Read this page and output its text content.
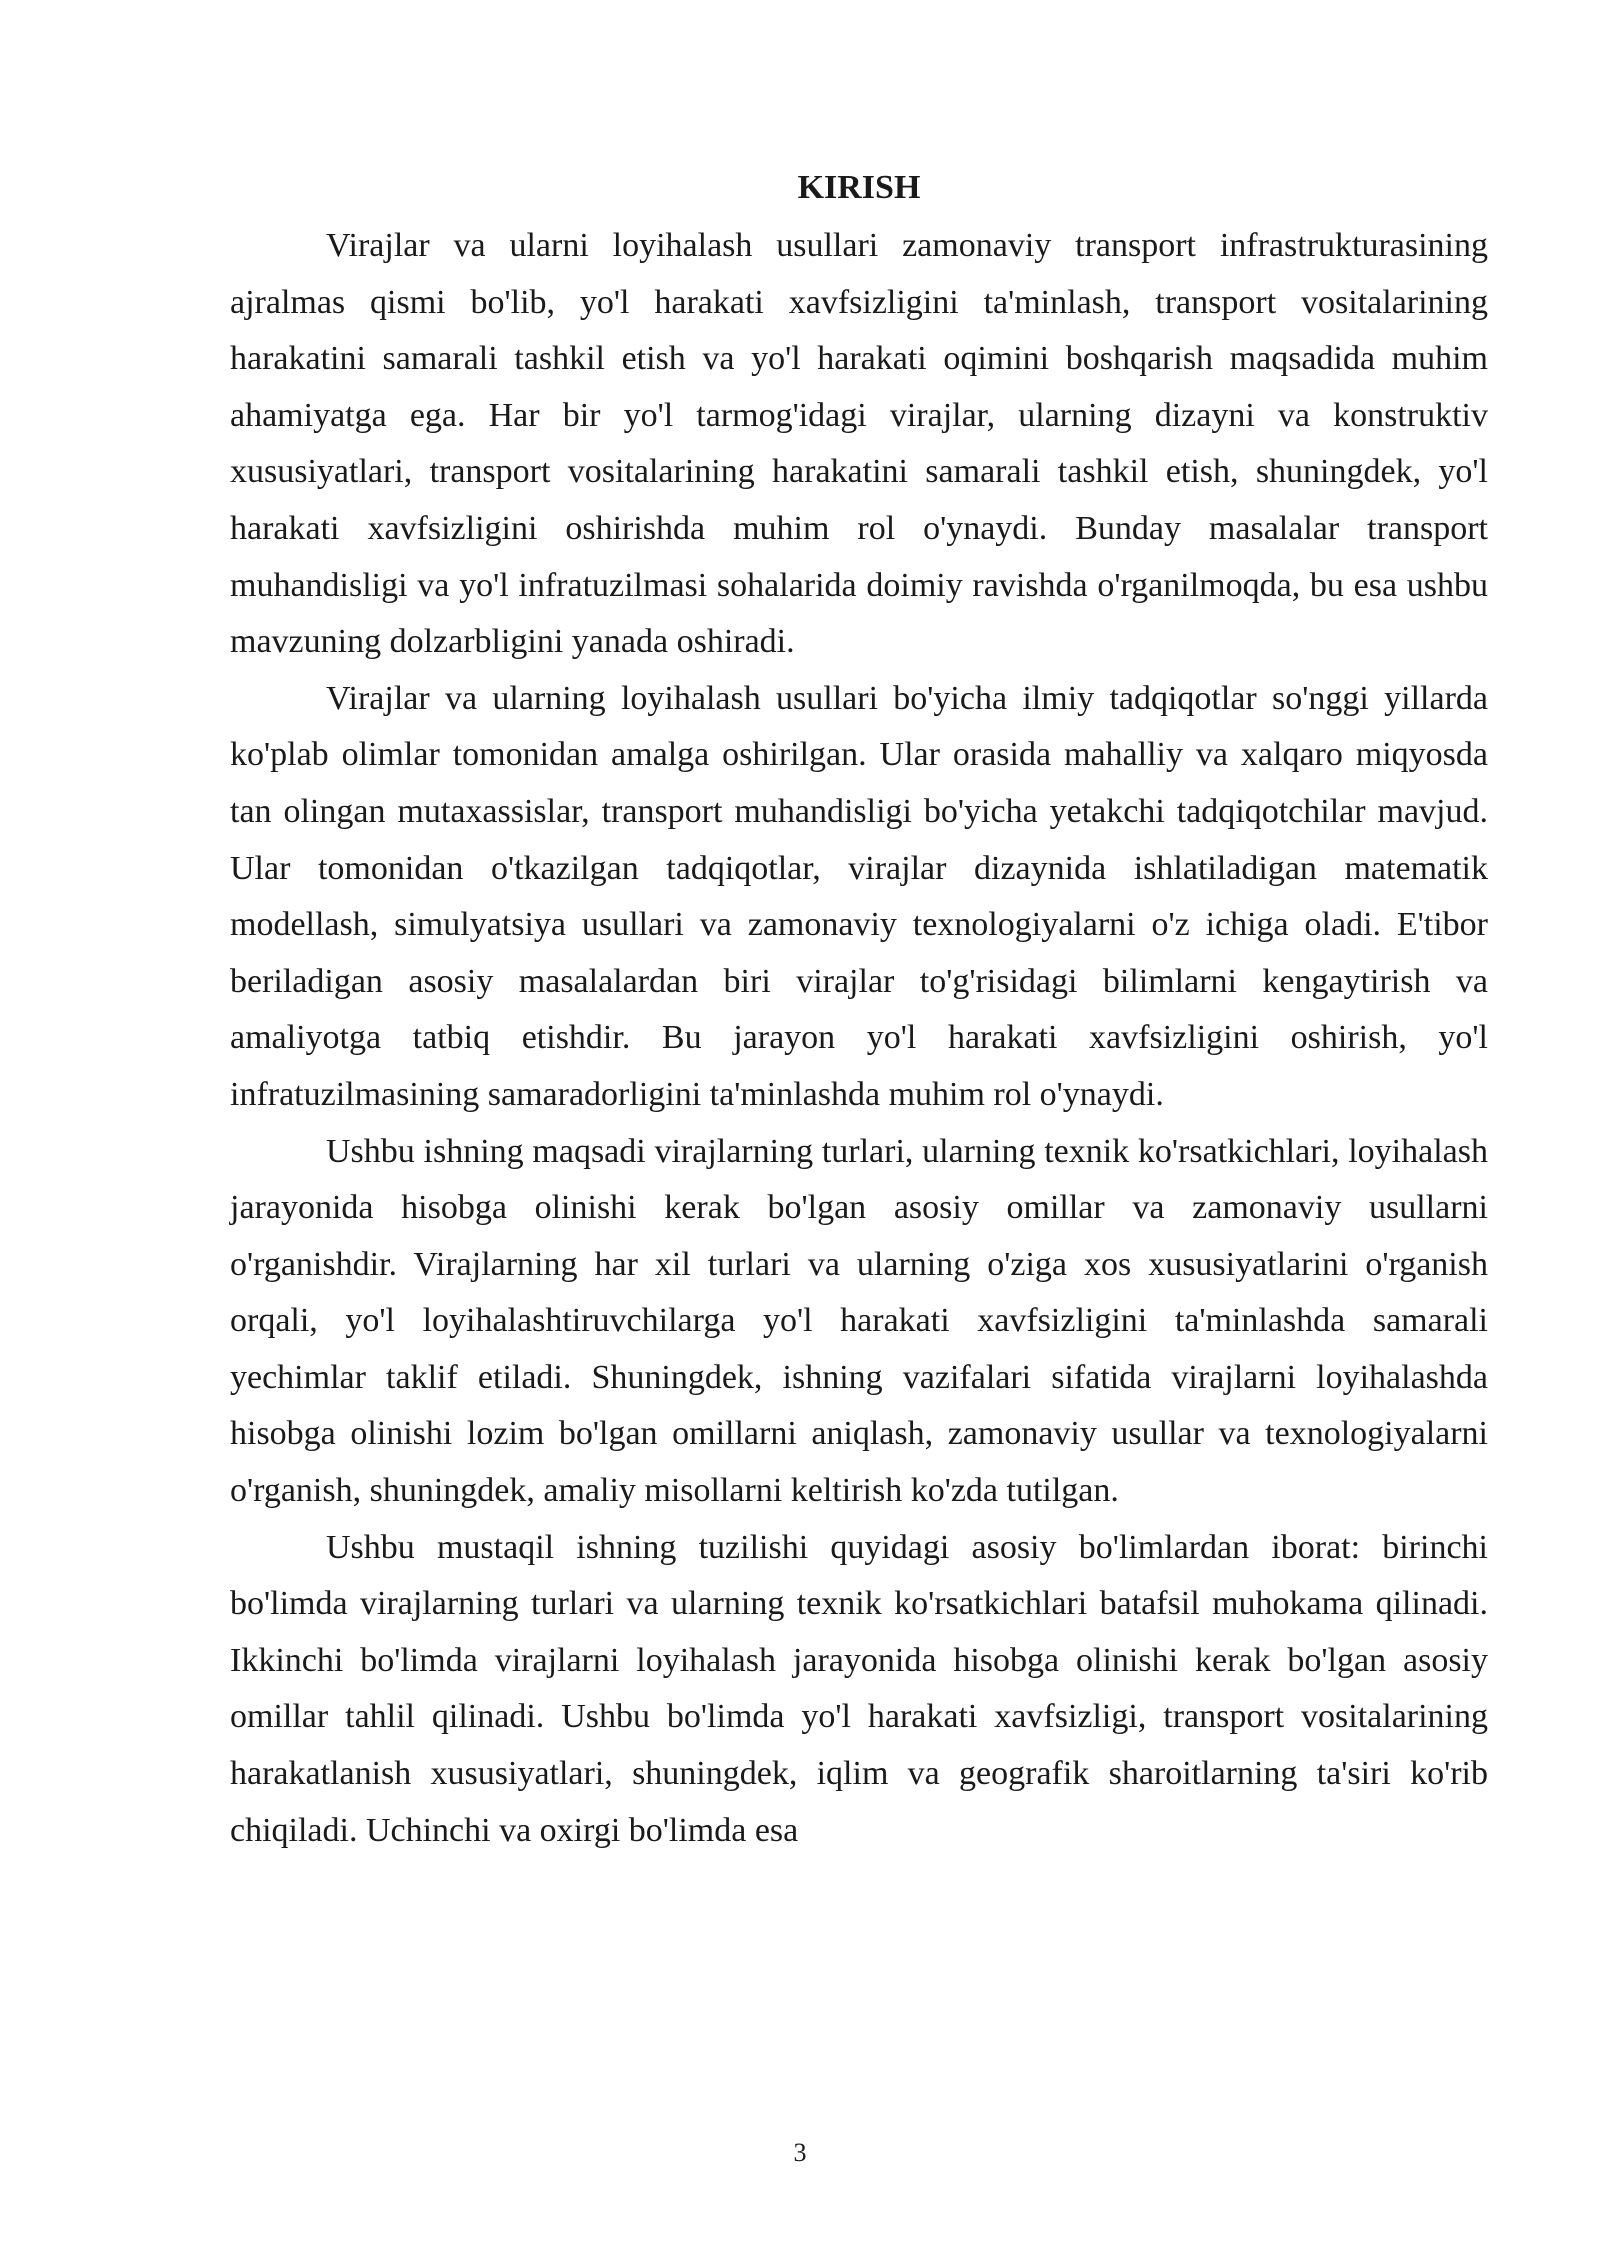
KIRISH

Virajlar va ularni loyihalash usullari zamonaviy transport infrastrukturasining ajralmas qismi bo'lib, yo'l harakati xavfsizligini ta'minlash, transport vositalarining harakatini samarali tashkil etish va yo'l harakati oqimini boshqarish maqsadida muhim ahamiyatga ega. Har bir yo'l tarmog'idagi virajlar, ularning dizayni va konstruktiv xususiyatlari, transport vositalarining harakatini samarali tashkil etish, shuningdek, yo'l harakati xavfsizligini oshirishda muhim rol o'ynaydi. Bunday masalalar transport muhandisligi va yo'l infratuzilmasi sohalarida doimiy ravishda o'rganilmoqda, bu esa ushbu mavzuning dolzarbligini yanada oshiradi.

Virajlar va ularning loyihalash usullari bo'yicha ilmiy tadqiqotlar so'nggi yillarda ko'plab olimlar tomonidan amalga oshirilgan. Ular orasida mahalliy va xalqaro miqyosda tan olingan mutaxassislar, transport muhandisligi bo'yicha yetakchi tadqiqotchilar mavjud. Ular tomonidan o'tkazilgan tadqiqotlar, virajlar dizaynida ishlatiladigan matematik modellash, simulyatsiya usullari va zamonaviy texnologiyalarni o'z ichiga oladi. E'tibor beriladigan asosiy masalalardan biri virajlar to'g'risidagi bilimlarni kengaytirish va amaliyotga tatbiq etishdir. Bu jarayon yo'l harakati xavfsizligini oshirish, yo'l infratuzilmasining samaradorligini ta'minlashda muhim rol o'ynaydi.

Ushbu ishning maqsadi virajlarning turlari, ularning texnik ko'rsatkichlari, loyihalash jarayonida hisobga olinishi kerak bo'lgan asosiy omillar va zamonaviy usullarni o'rganishdir. Virajlarning har xil turlari va ularning o'ziga xos xususiyatlarini o'rganish orqali, yo'l loyihalashtiruvchilarga yo'l harakati xavfsizligini ta'minlashda samarali yechimlar taklif etiladi. Shuningdek, ishning vazifalari sifatida virajlarni loyihalashda hisobga olinishi lozim bo'lgan omillarni aniqlash, zamonaviy usullar va texnologiyalarni o'rganish, shuningdek, amaliy misollarni keltirish ko'zda tutilgan.

Ushbu mustaqil ishning tuzilishi quyidagi asosiy bo'limlardan iborat: birinchi bo'limda virajlarning turlari va ularning texnik ko'rsatkichlari batafsil muhokama qilinadi. Ikkinchi bo'limda virajlarni loyihalash jarayonida hisobga olinishi kerak bo'lgan asosiy omillar tahlil qilinadi. Ushbu bo'limda yo'l harakati xavfsizligi, transport vositalarining harakatlanish xususiyatlari, shuningdek, iqlim va geografik sharoitlarning ta'siri ko'rib chiqiladi. Uchinchi va oxirgi bo'limda esa

3
